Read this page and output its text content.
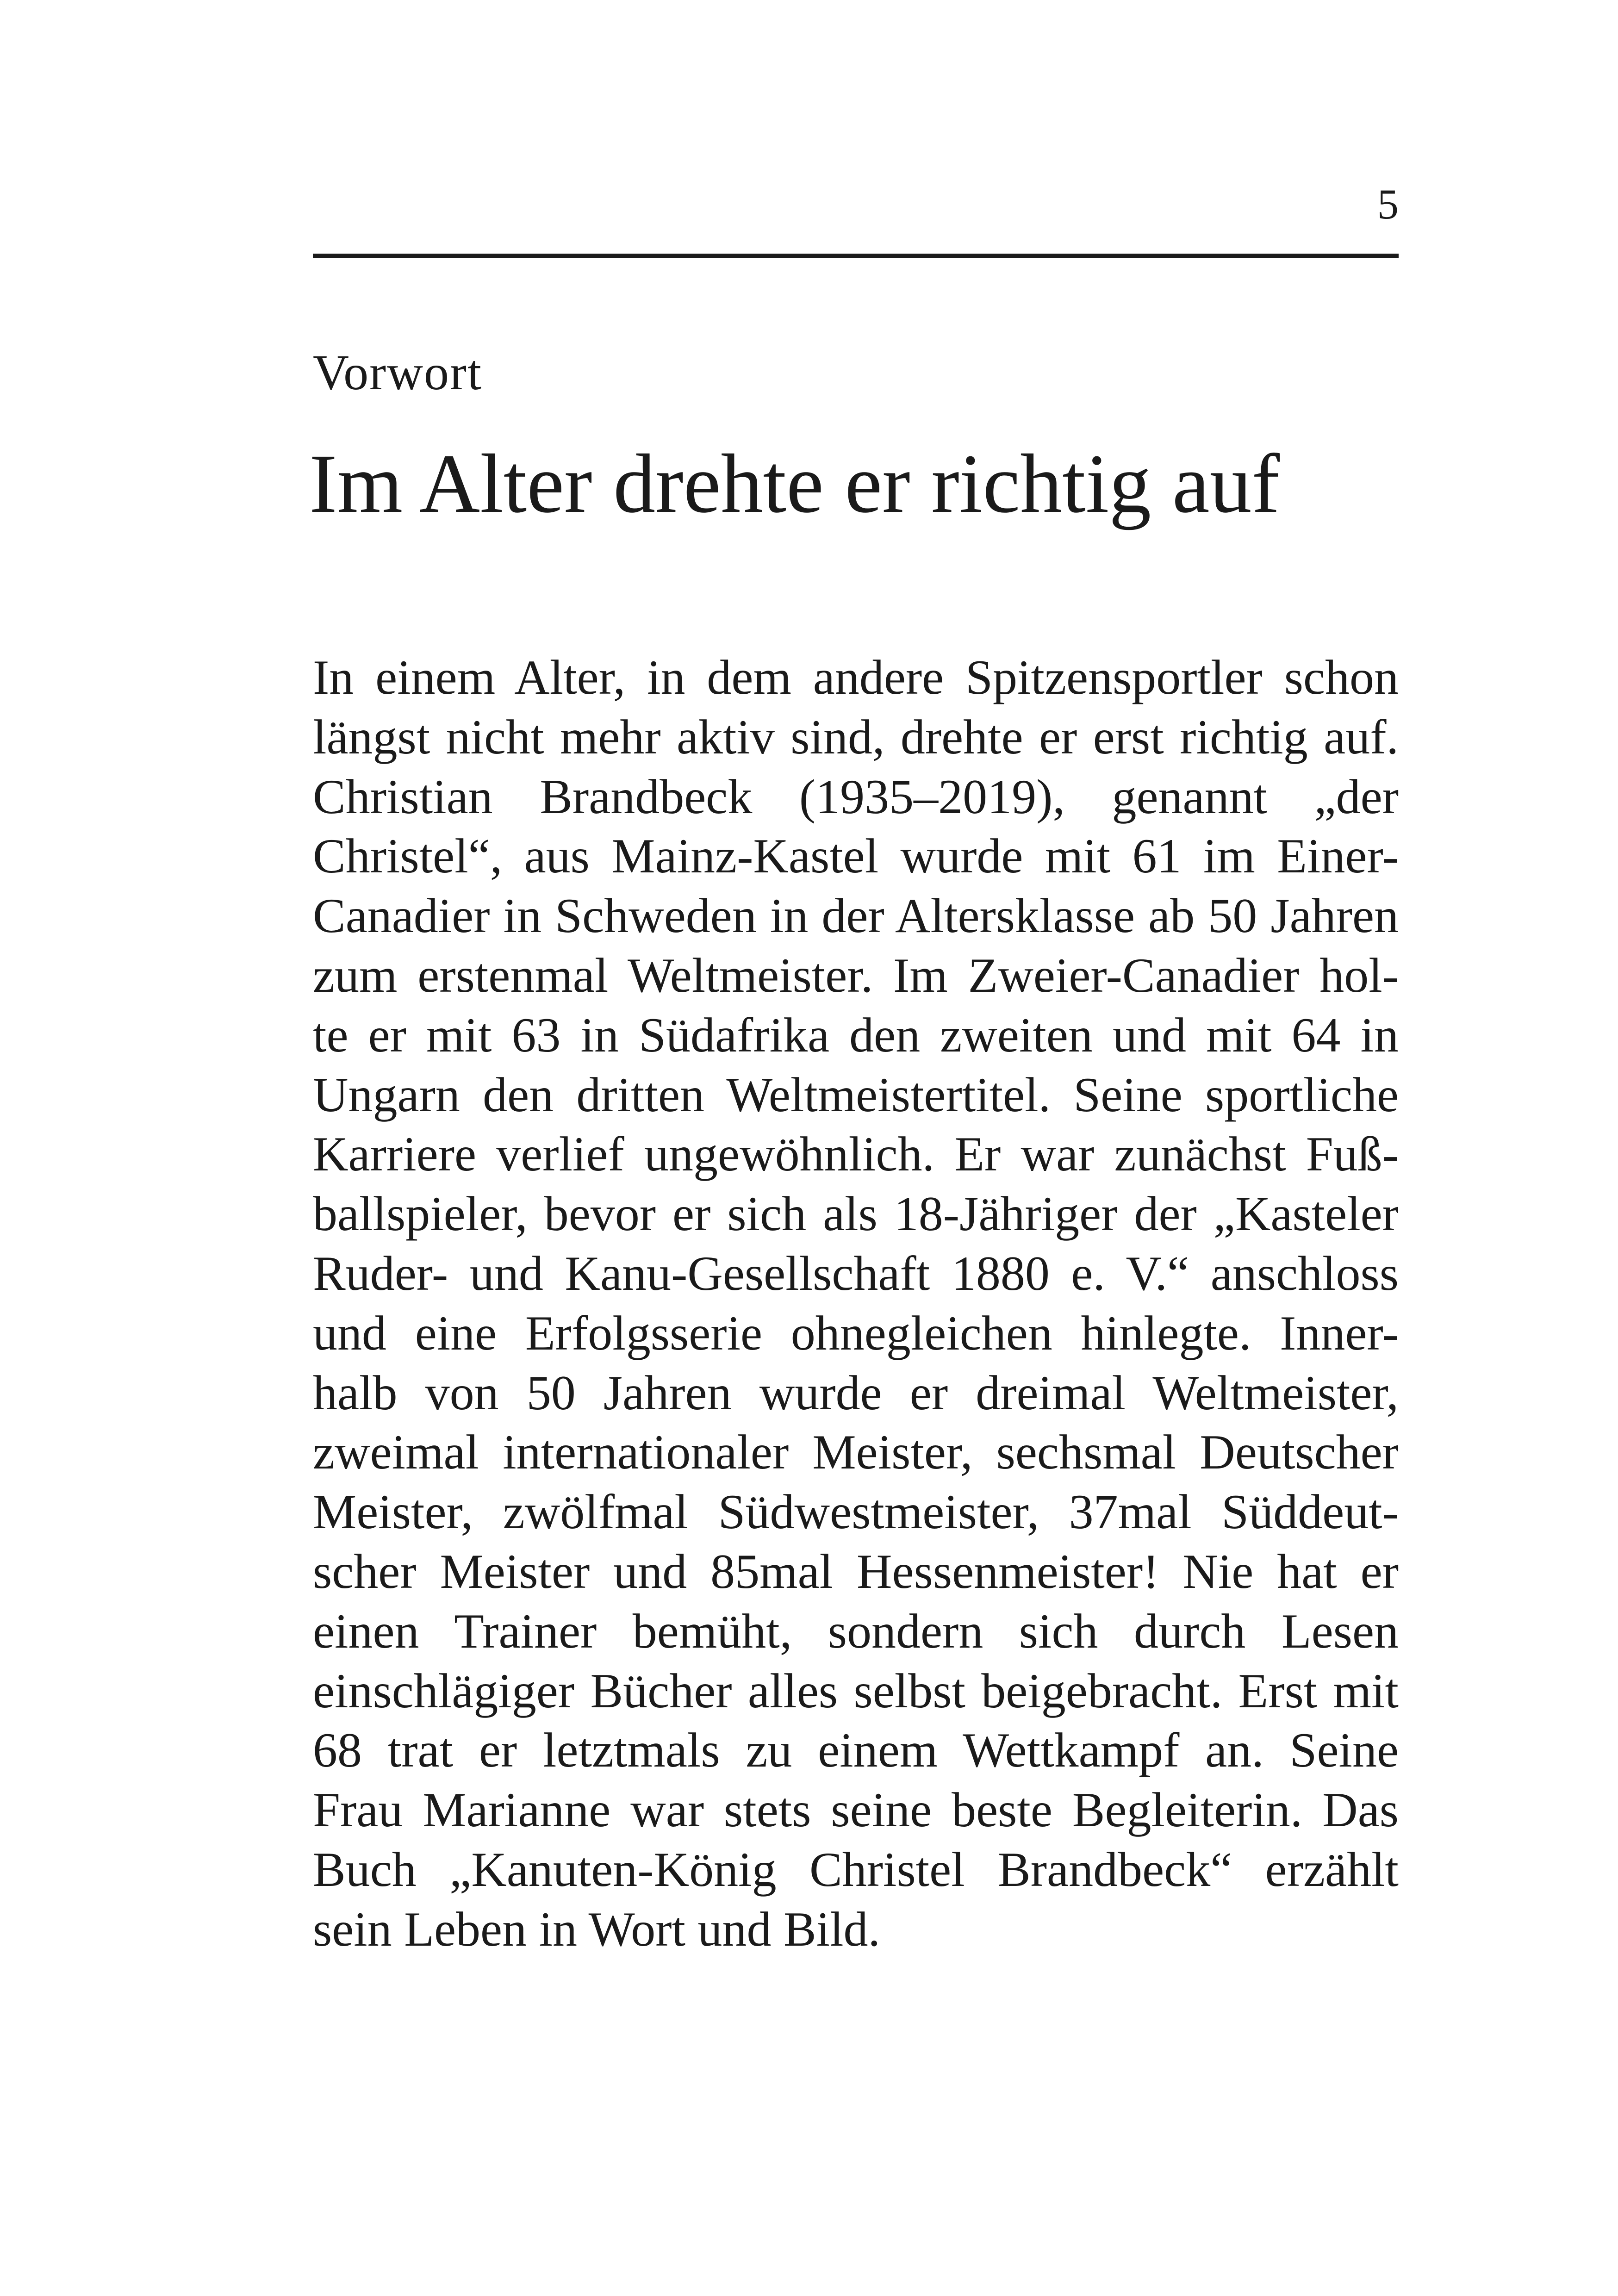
5
Vorwort
Im Alter drehte er richtig auf
In einem Alter, in dem andere Spitzensportler schon
längst nicht mehr aktiv sind, drehte er erst richtig auf.
Christian Brandbeck (1935–2019), genannt „der
Christel“, aus Mainz-Kastel wurde mit 61 im Einer-
Canadier in Schweden in der Altersklasse ab 50 Jahren
zum erstenmal Weltmeister. Im Zweier-Canadier hol-
te er mit 63 in Südafrika den zweiten und mit 64 in
Ungarn den dritten Weltmeistertitel. Seine sportliche
Karriere verlief ungewöhnlich. Er war zunächst Fuß-
ballspieler, bevor er sich als 18-Jähriger der „Kasteler
Ruder- und Kanu-Gesellschaft 1880 e. V.“ anschloss
und eine Erfolgsserie ohnegleichen hinlegte. Inner-
halb von 50 Jahren wurde er dreimal Weltmeister,
zweimal internationaler Meister, sechsmal Deutscher
Meister, zwölfmal Südwestmeister, 37mal Süddeut-
scher Meister und 85mal Hessenmeister! Nie hat er
einen Trainer bemüht, sondern sich durch Lesen
einschlägiger Bücher alles selbst beigebracht. Erst mit
68 trat er letztmals zu einem Wettkampf an. Seine
Frau Marianne war stets seine beste Begleiterin. Das
Buch „Kanuten-König Christel Brandbeck“ erzählt
sein Leben in Wort und Bild.
